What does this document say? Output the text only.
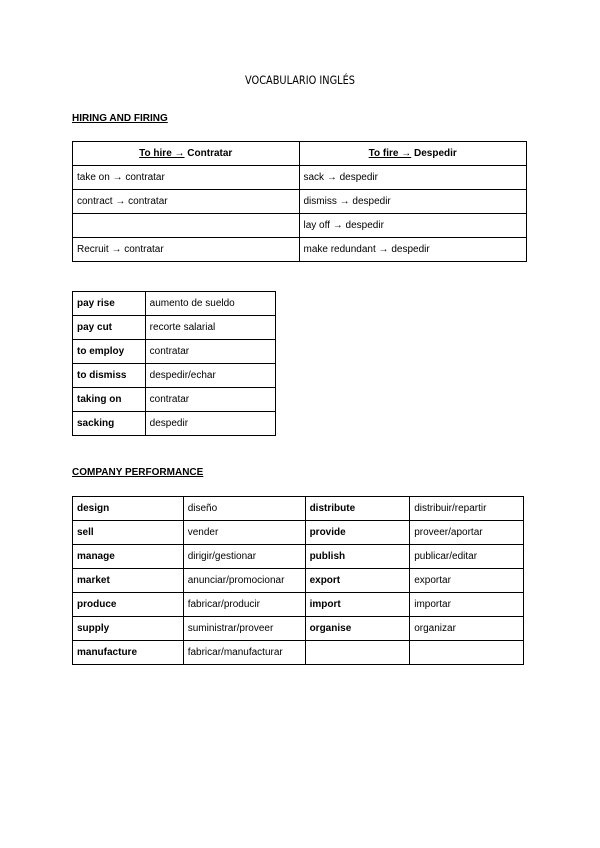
VOCABULARIO INGLÉS
HIRING AND FIRING
To hire → Contratar	To fire → Despedir
take on → contratar	sack → despedir
contract → contratar	dismiss → despedir
	lay off → despedir
Recruit → contratar	make redundant → despedir
pay rise	aumento de sueldo
pay cut	recorte salarial
to employ	contratar
to dismiss	despedir/echar
taking on	contratar
sacking	despedir
COMPANY PERFORMANCE
design	diseño	distribute	distribuir/repartir
sell	vender	provide	proveer/aportar
manage	dirigir/gestionar	publish	publicar/editar
market	anunciar/promocionar	export	exportar
produce	fabricar/producir	import	importar
supply	suministrar/proveer	organise	organizar
manufacture	fabricar/manufacturar		
